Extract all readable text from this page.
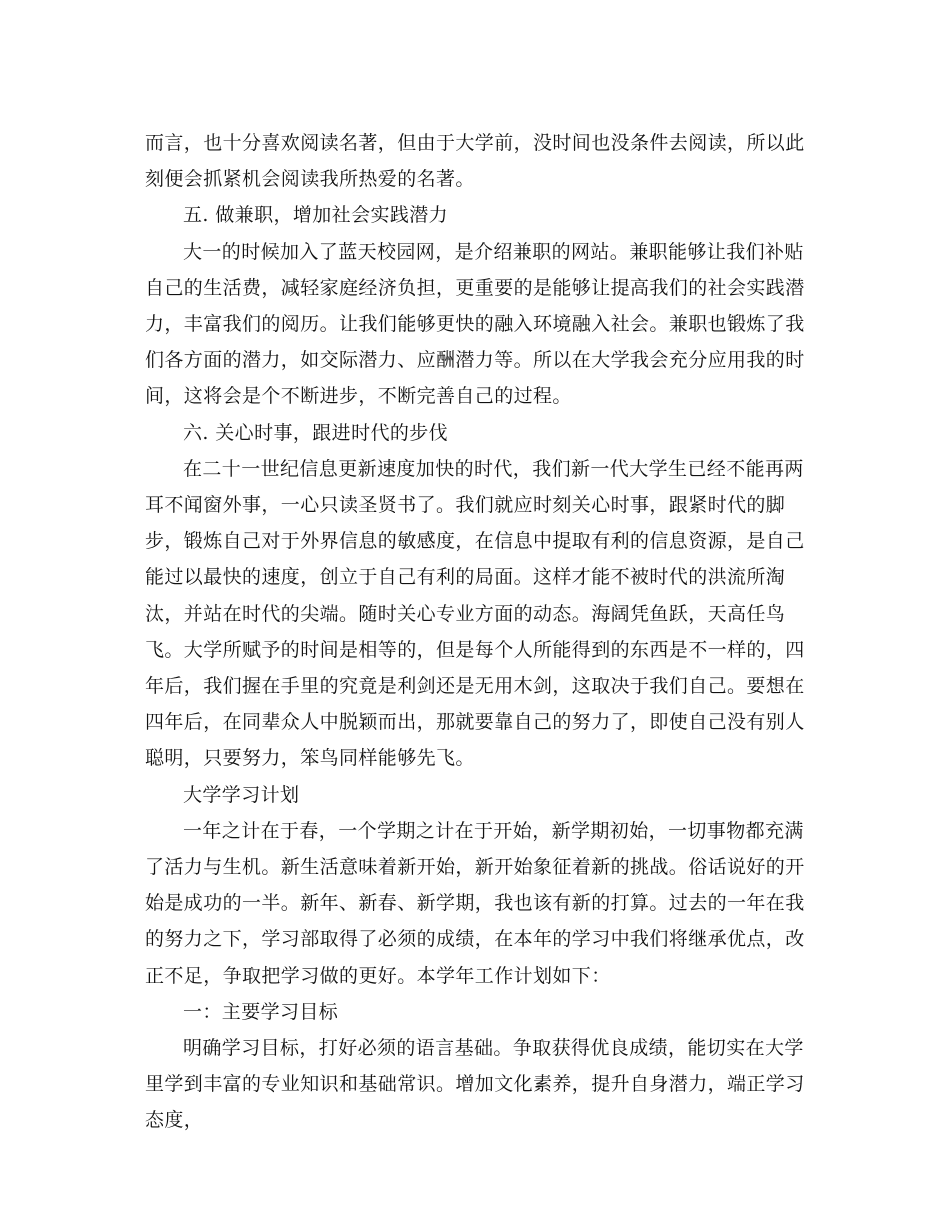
而言，也十分喜欢阅读名著，但由于大学前，没时间也没条件去阅读，所以此刻便会抓紧机会阅读我所热爱的名著。

五. 做兼职，增加社会实践潜力

大一的时候加入了蓝天校园网，是介绍兼职的网站。兼职能够让我们补贴自己的生活费，减轻家庭经济负担，更重要的是能够让提高我们的社会实践潜力，丰富我们的阅历。让我们能够更快的融入环境融入社会。兼职也锻炼了我们各方面的潜力，如交际潜力、应酬潜力等。所以在大学我会充分应用我的时间，这将会是个不断进步，不断完善自己的过程。

六. 关心时事，跟进时代的步伐

在二十一世纪信息更新速度加快的时代，我们新一代大学生已经不能再两耳不闻窗外事，一心只读圣贤书了。我们就应时刻关心时事，跟紧时代的脚步，锻炼自己对于外界信息的敏感度，在信息中提取有利的信息资源，是自己能过以最快的速度，创立于自己有利的局面。这样才能不被时代的洪流所淘汰，并站在时代的尖端。随时关心专业方面的动态。海阔凭鱼跃，天高任鸟飞。大学所赋予的时间是相等的，但是每个人所能得到的东西是不一样的，四年后，我们握在手里的究竟是利剑还是无用木剑，这取决于我们自己。要想在四年后，在同辈众人中脱颖而出，那就要靠自己的努力了，即使自己没有别人聪明，只要努力，笨鸟同样能够先飞。

大学学习计划

一年之计在于春，一个学期之计在于开始，新学期初始，一切事物都充满了活力与生机。新生活意味着新开始，新开始象征着新的挑战。俗话说好的开始是成功的一半。新年、新春、新学期，我也该有新的打算。过去的一年在我的努力之下，学习部取得了必须的成绩，在本年的学习中我们将继承优点，改正不足，争取把学习做的更好。本学年工作计划如下：

一：主要学习目标

明确学习目标，打好必须的语言基础。争取获得优良成绩，能切实在大学里学到丰富的专业知识和基础常识。增加文化素养，提升自身潜力，端正学习态度，
